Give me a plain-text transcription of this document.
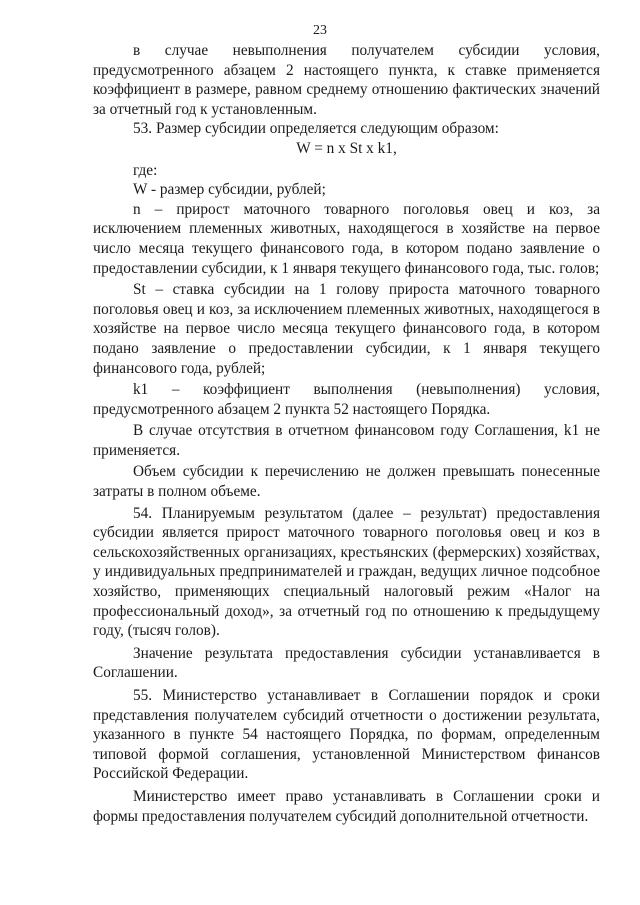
23

в случае невыполнения получателем субсидии условия, предусмотренного абзацем 2 настоящего пункта, к ставке применяется коэффициент в размере, равном среднему отношению фактических значений за отчетный год к установленным.

53. Размер субсидии определяется следующим образом:

W = n x St x k1,

где:

W - размер субсидии, рублей;

n – прирост маточного товарного поголовья овец и коз, за исключением племенных животных, находящегося в хозяйстве на первое число месяца текущего финансового года, в котором подано заявление о предоставлении субсидии, к 1 января текущего финансового года, тыс. голов;

St – ставка субсидии на 1 голову прироста маточного товарного поголовья овец и коз, за исключением племенных животных, находящегося в хозяйстве на первое число месяца текущего финансового года, в котором подано заявление о предоставлении субсидии, к 1 января текущего финансового года, рублей;

k1 – коэффициент выполнения (невыполнения) условия, предусмотренного абзацем 2 пункта 52 настоящего Порядка.

В случае отсутствия в отчетном финансовом году Соглашения, k1 не применяется.

Объем субсидии к перечислению не должен превышать понесенные затраты в полном объеме.

54. Планируемым результатом (далее – результат) предоставления субсидии является прирост маточного товарного поголовья овец и коз в сельскохозяйственных организациях, крестьянских (фермерских) хозяйствах, у индивидуальных предпринимателей и граждан, ведущих личное подсобное хозяйство, применяющих специальный налоговый режим «Налог на профессиональный доход», за отчетный год по отношению к предыдущему году, (тысяч голов).

Значение результата предоставления субсидии устанавливается в Соглашении.

55. Министерство устанавливает в Соглашении порядок и сроки представления получателем субсидий отчетности о достижении результата, указанного в пункте 54 настоящего Порядка, по формам, определенным типовой формой соглашения, установленной Министерством финансов Российской Федерации.

Министерство имеет право устанавливать в Соглашении сроки и формы предоставления получателем субсидий дополнительной отчетности.
